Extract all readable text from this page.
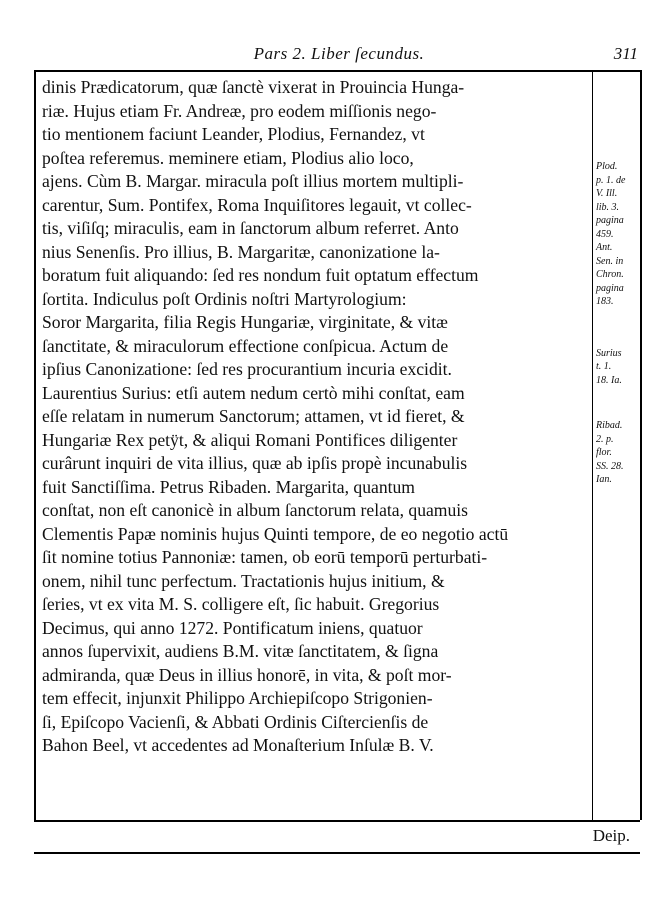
Pars 2. Liber ſecundus.	311
dinis Prædicatorum, quæ ſanctè vixerat in Prouincia Hunga-
riæ. Hujus etiam Fr. Andreæ, pro eodem miſſionis nego-
tio mentionem faciunt Leander, Plodius, Fernandez, vt
poſtea referemus. meminere etiam, Plodius alio loco,
ajens. Cùm B. Margar. miracula poſt illius mortem multipli-
carentur, Sum. Pontifex, Roma Inquiſitores legauit, vt collec-
tis, viſiſq; miraculis, eam in ſanctorum album referret. Anto
nius Senenſis. Pro illius, B. Margaritæ, canonizatione la-
boratum fuit aliquando: ſed res nondum fuit optatum effectum
ſortita. Indiculus poſt Ordinis noſtri Martyrologium:
Soror Margarita, filia Regis Hungariæ, virginitate, & vitæ
ſanctitate, & miraculorum effectione conſpicua. Actum de
ipſius Canonizatione: ſed res procurantium incuria excidit.
Laurentius Surius: etſi autem nedum certò mihi conſtat, eam
eſſe relatam in numerum Sanctorum; attamen, vt id fieret, &
Hungariæ Rex petÿt, & aliqui Romani Pontifices diligenter
curârunt inquiri de vita illius, quæ ab ipſis propè incunabulis
fuit Sanctiſſima. Petrus Ribaden. Margarita, quantum
conſtat, non eſt canonicè in album ſanctorum relata, quamuis
Clementis Papæ nominis hujus Quinti tempore, de eo negotio actū
ſit nomine totius Pannoniæ: tamen, ob eorū temporū perturbati-
onem, nihil tunc perfectum. Tractationis hujus initium, &
ſeries, vt ex vita M. S. colligere eſt, ſic habuit. Gregorius
Decimus, qui anno 1272. Pontificatum iniens, quatuor
annos ſupervixit, audiens B.M. vitæ ſanctitatem, & ſigna
admiranda, quæ Deus in illius honorē, in vita, & poſt mor-
tem effecit, injunxit Philippo Archiepiſcopo Strigonien-
ſi, Epiſcopo Vacienſi, & Abbati Ordinis Ciſtercienſis de
Bahon Beel, vt accedentes ad Monaſterium Inſulæ B. V.
Plod.
p. 1. de
V. Ill.
lib. 3.
pagina
459.
Ant.
Sen. in
Chron.
pagina
183.
Surius
t. 1.
18. Ia.
Ribad.
2. p.
flor.
SS. 28.
Ian.
Deip.
